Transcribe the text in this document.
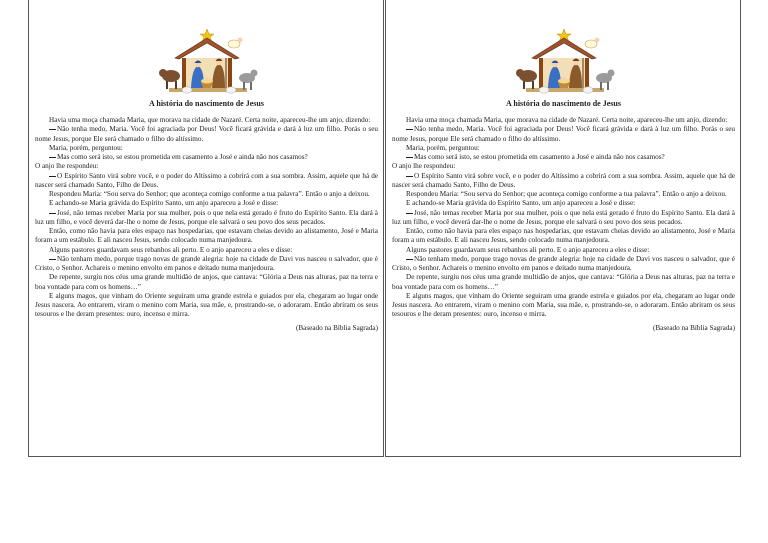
A história do nascimento de Jesus

Havia uma moça chamada Maria, que morava na cidade de Nazaré. Certa noite, apareceu-lhe um anjo, dizendo:

Não tenha medo, Maria. Você foi agraciada por Deus! Você ficará grávida e dará à luz um filho. Porás o seu nome Jesus, porque Ele será chamado o filho do altíssimo.

Maria, porém, perguntou:

Mas como será isto, se estou prometida em casamento a José e ainda não nos casamos?

O anjo lhe respondeu:

O Espírito Santo virá sobre você, e o poder do Altíssimo a cobrirá com a sua sombra. Assim, aquele que há de nascer será chamado Santo, Filho de Deus.

Respondeu Maria: “Sou serva do Senhor; que aconteça comigo conforme a tua palavra”. Então o anjo a deixou.

E achando-se Maria grávida do Espírito Santo, um anjo apareceu a José e disse:

José, não temas receber Maria por sua mulher, pois o que nela está gerado é fruto do Espírito Santo. Ela dará à luz um filho, e você deverá dar-lhe o nome de Jesus, porque ele salvará o seu povo dos seus pecados.

Então, como não havia para eles espaço nas hospedarias, que estavam cheias devido ao alistamento, José e Maria foram a um estábulo. E ali nasceu Jesus, sendo colocado numa manjedoura.

Alguns pastores guardavam seus rebanhos ali perto. E o anjo apareceu a eles e disse:

Não tenham medo, porque trago novas de grande alegria: hoje na cidade de Davi vos nasceu o salvador, que é Cristo, o Senhor. Achareis o menino envolto em panos e deitado numa manjedoura.

De repente, surgiu nos céus uma grande multidão de anjos, que cantava: “Glória a Deus nas alturas, paz na terra e boa vontade para com os homens…”

E alguns magos, que vinham do Oriente seguiram uma grande estrela e guiados por ela, chegaram ao lugar onde Jesus nascera. Ao entrarem, viram o menino com Maria, sua mãe, e, prostrando-se, o adoraram. Então abriram os seus tesouros e lhe deram presentes: ouro, incenso e mirra.

(Baseado na Bíblia Sagrada)
A história do nascimento de Jesus

Havia uma moça chamada Maria, que morava na cidade de Nazaré. Certa noite, apareceu-lhe um anjo, dizendo:

Não tenha medo, Maria. Você foi agraciada por Deus! Você ficará grávida e dará à luz um filho. Porás o seu nome Jesus, porque Ele será chamado o filho do altíssimo.

Maria, porém, perguntou:

Mas como será isto, se estou prometida em casamento a José e ainda não nos casamos?

O anjo lhe respondeu:

O Espírito Santo virá sobre você, e o poder do Altíssimo a cobrirá com a sua sombra. Assim, aquele que há de nascer será chamado Santo, Filho de Deus.

Respondeu Maria: “Sou serva do Senhor; que aconteça comigo conforme a tua palavra”. Então o anjo a deixou.

E achando-se Maria grávida do Espírito Santo, um anjo apareceu a José e disse:

José, não temas receber Maria por sua mulher, pois o que nela está gerado é fruto do Espírito Santo. Ela dará à luz um filho, e você deverá dar-lhe o nome de Jesus, porque ele salvará o seu povo dos seus pecados.

Então, como não havia para eles espaço nas hospedarias, que estavam cheias devido ao alistamento, José e Maria foram a um estábulo. E ali nasceu Jesus, sendo colocado numa manjedoura.

Alguns pastores guardavam seus rebanhos ali perto. E o anjo apareceu a eles e disse:

Não tenham medo, porque trago novas de grande alegria: hoje na cidade de Davi vos nasceu o salvador, que é Cristo, o Senhor. Achareis o menino envolto em panos e deitado numa manjedoura.

De repente, surgiu nos céus uma grande multidão de anjos, que cantava: “Glória a Deus nas alturas, paz na terra e boa vontade para com os homens…”

E alguns magos, que vinham do Oriente seguiram uma grande estrela e guiados por ela, chegaram ao lugar onde Jesus nascera. Ao entrarem, viram o menino com Maria, sua mãe, e, prostrando-se, o adoraram. Então abriram os seus tesouros e lhe deram presentes: ouro, incenso e mirra.

(Baseado na Bíblia Sagrada)
